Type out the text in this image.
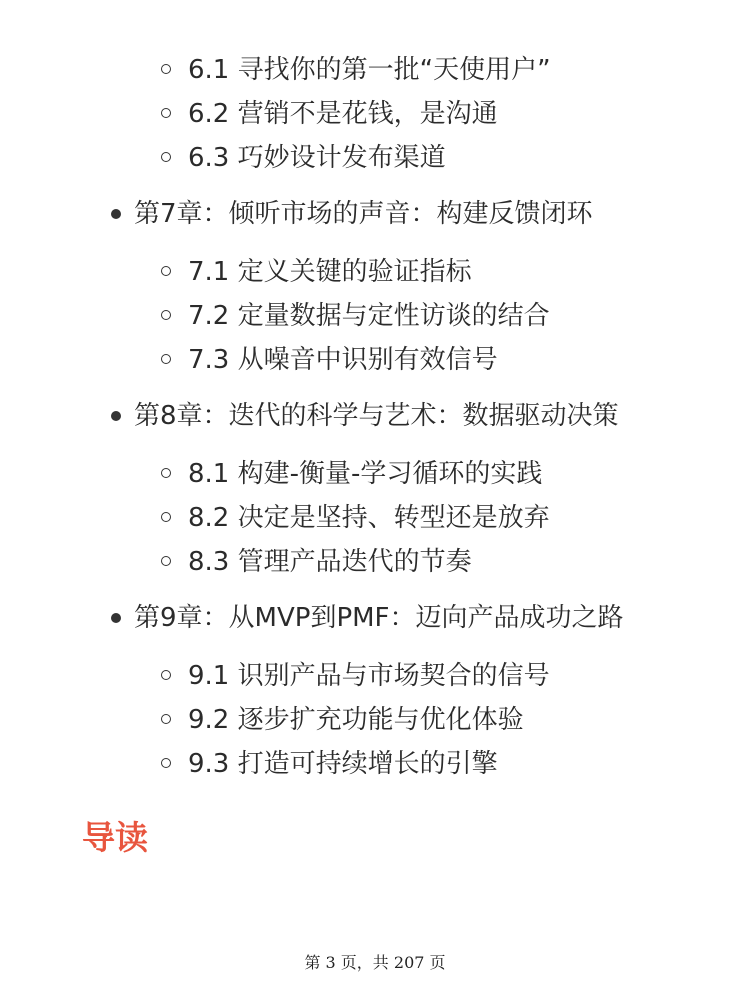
6.1 寻找你的第一批“天使用户”
6.2 营销不是花钱，是沟通
6.3 巧妙设计发布渠道
第7章：倾听市场的声音：构建反馈闭环
7.1 定义关键的验证指标
7.2 定量数据与定性访谈的结合
7.3 从噪音中识别有效信号
第8章：迭代的科学与艺术：数据驱动决策
8.1 构建-衡量-学习循环的实践
8.2 决定是坚持、转型还是放弃
8.3 管理产品迭代的节奏
第9章：从MVP到PMF：迈向产品成功之路
9.1 识别产品与市场契合的信号
9.2 逐步扩充功能与优化体验
9.3 打造可持续增长的引擎
导读
第 3 页，共 207 页
